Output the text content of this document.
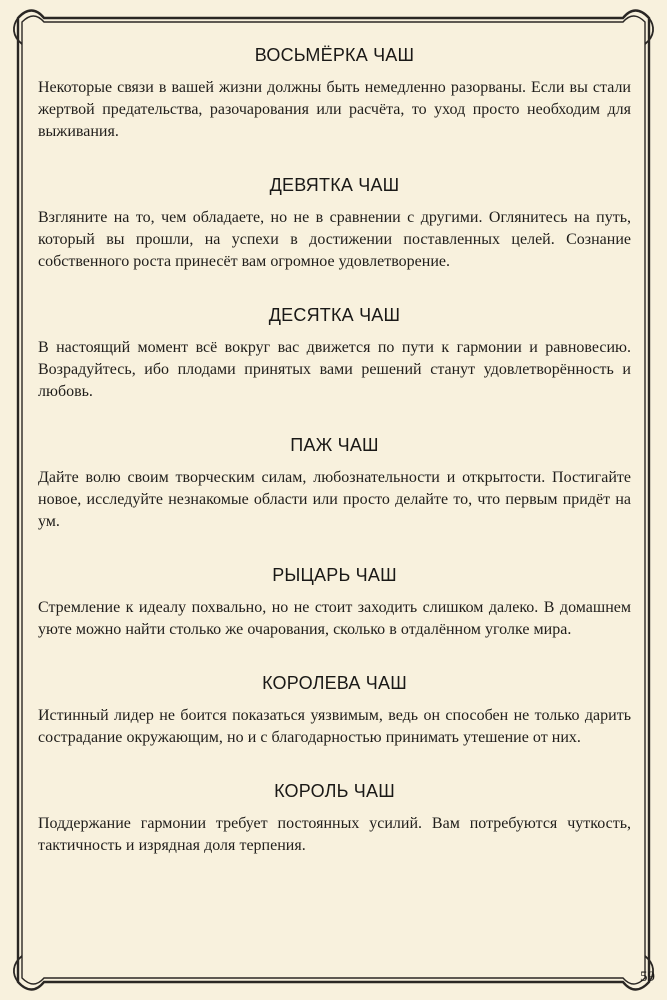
ВОСЬМЁРКА ЧАШ

Некоторые связи в вашей жизни должны быть немедленно разорваны. Если вы стали жертвой предательства, разочарования или расчёта, то уход просто необходим для выживания.

ДЕВЯТКА ЧАШ

Взгляните на то, чем обладаете, но не в сравнении с другими. Оглянитесь на путь, который вы прошли, на успехи в достижении поставленных целей. Сознание собственного роста принесёт вам огромное удовлетворение.

ДЕСЯТКА ЧАШ

В настоящий момент всё вокруг вас движется по пути к гармонии и равновесию. Возрадуйтесь, ибо плодами принятых вами решений станут удовлетворённость и любовь.

ПАЖ ЧАШ

Дайте волю своим творческим силам, любознательности и открытости. Постигайте новое, исследуйте незнакомые области или просто делайте то, что первым придёт на ум.

РЫЦАРЬ ЧАШ

Стремление к идеалу похвально, но не стоит заходить слишком далеко. В домашнем уюте можно найти столько же очарования, сколько в отдалённом уголке мира.

КОРОЛЕВА ЧАШ

Истинный лидер не боится показаться уязвимым, ведь он способен не только дарить сострадание окружающим, но и с благодарностью принимать утешение от них.

КОРОЛЬ ЧАШ

Поддержание гармонии требует постоянных усилий. Вам потребуются чуткость, тактичность и изрядная доля терпения.

59
